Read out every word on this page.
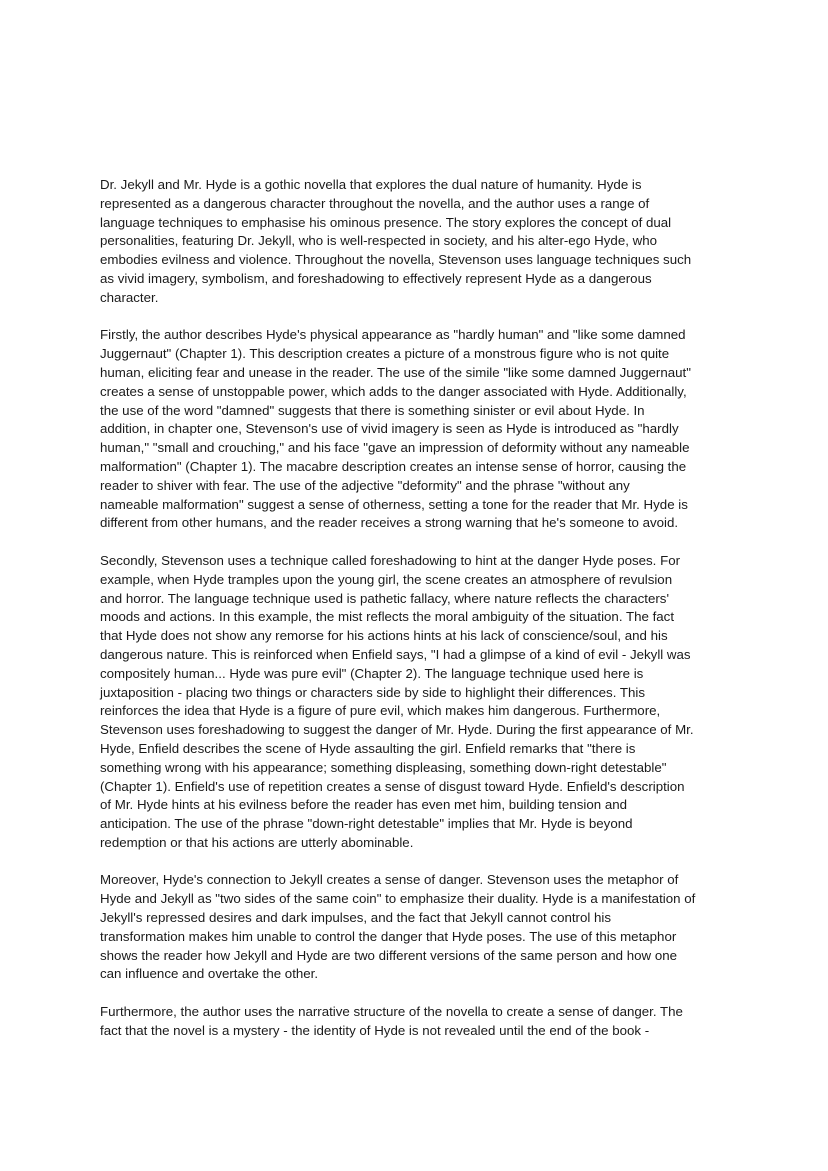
Dr. Jekyll and Mr. Hyde is a gothic novella that explores the dual nature of humanity. Hyde is
represented as a dangerous character throughout the novella, and the author uses a range of
language techniques to emphasise his ominous presence. The story explores the concept of dual
personalities, featuring Dr. Jekyll, who is well-respected in society, and his alter-ego Hyde, who
embodies evilness and violence. Throughout the novella, Stevenson uses language techniques such
as vivid imagery, symbolism, and foreshadowing to effectively represent Hyde as a dangerous
character.

Firstly, the author describes Hyde's physical appearance as "hardly human" and "like some damned
Juggernaut" (Chapter 1). This description creates a picture of a monstrous figure who is not quite
human, eliciting fear and unease in the reader. The use of the simile "like some damned Juggernaut"
creates a sense of unstoppable power, which adds to the danger associated with Hyde. Additionally,
the use of the word "damned" suggests that there is something sinister or evil about Hyde. In
addition, in chapter one, Stevenson's use of vivid imagery is seen as Hyde is introduced as "hardly
human," "small and crouching," and his face "gave an impression of deformity without any nameable
malformation" (Chapter 1). The macabre description creates an intense sense of horror, causing the
reader to shiver with fear. The use of the adjective "deformity" and the phrase "without any
nameable malformation" suggest a sense of otherness, setting a tone for the reader that Mr. Hyde is
different from other humans, and the reader receives a strong warning that he's someone to avoid.

Secondly, Stevenson uses a technique called foreshadowing to hint at the danger Hyde poses. For
example, when Hyde tramples upon the young girl, the scene creates an atmosphere of revulsion
and horror. The language technique used is pathetic fallacy, where nature reflects the characters'
moods and actions. In this example, the mist reflects the moral ambiguity of the situation. The fact
that Hyde does not show any remorse for his actions hints at his lack of conscience/soul, and his
dangerous nature. This is reinforced when Enfield says, "I had a glimpse of a kind of evil - Jekyll was
compositely human... Hyde was pure evil" (Chapter 2). The language technique used here is
juxtaposition - placing two things or characters side by side to highlight their differences. This
reinforces the idea that Hyde is a figure of pure evil, which makes him dangerous. Furthermore,
Stevenson uses foreshadowing to suggest the danger of Mr. Hyde. During the first appearance of Mr.
Hyde, Enfield describes the scene of Hyde assaulting the girl. Enfield remarks that "there is
something wrong with his appearance; something displeasing, something down-right detestable"
(Chapter 1). Enfield's use of repetition creates a sense of disgust toward Hyde. Enfield's description
of Mr. Hyde hints at his evilness before the reader has even met him, building tension and
anticipation. The use of the phrase "down-right detestable" implies that Mr. Hyde is beyond
redemption or that his actions are utterly abominable.

Moreover, Hyde's connection to Jekyll creates a sense of danger. Stevenson uses the metaphor of
Hyde and Jekyll as "two sides of the same coin" to emphasize their duality. Hyde is a manifestation of
Jekyll's repressed desires and dark impulses, and the fact that Jekyll cannot control his
transformation makes him unable to control the danger that Hyde poses. The use of this metaphor
shows the reader how Jekyll and Hyde are two different versions of the same person and how one
can influence and overtake the other.

Furthermore, the author uses the narrative structure of the novella to create a sense of danger. The
fact that the novel is a mystery - the identity of Hyde is not revealed until the end of the book -
